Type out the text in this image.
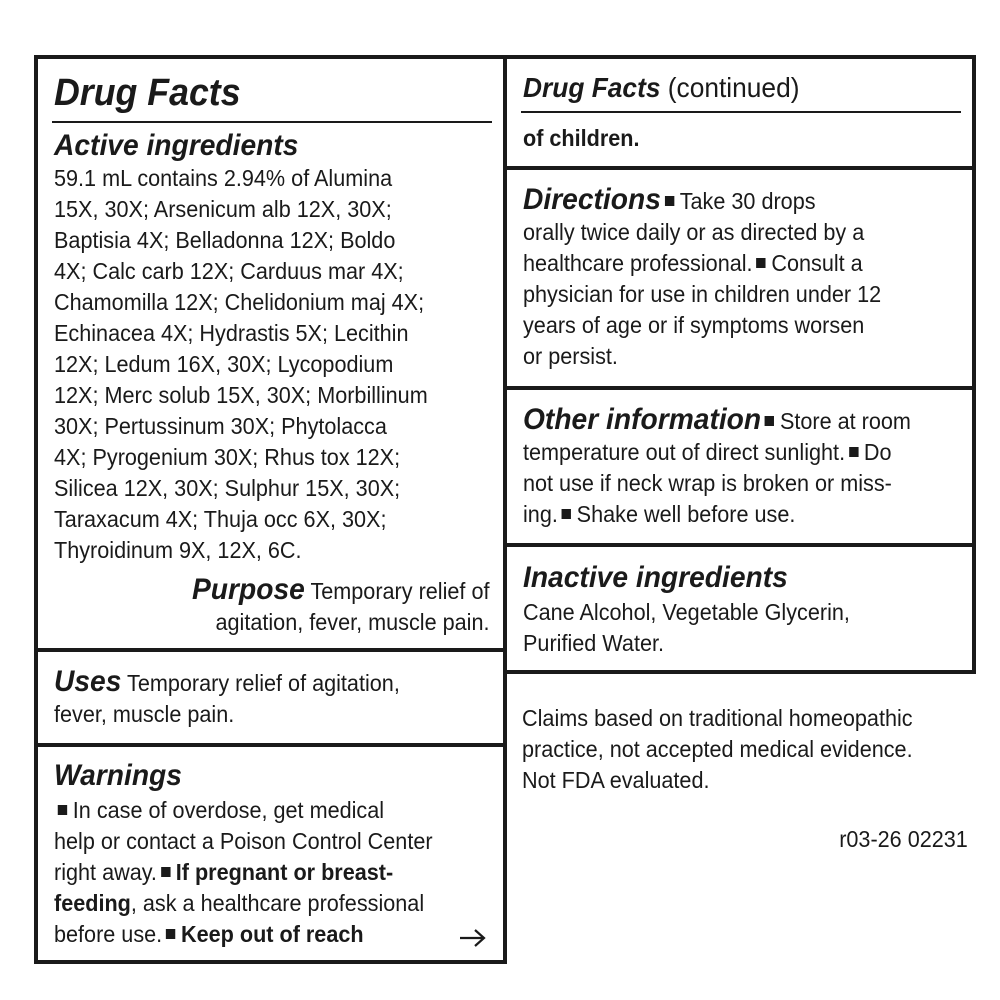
Drug Facts
Active ingredients
59.1 mL contains 2.94% of Alumina
15X, 30X; Arsenicum alb 12X, 30X;
Baptisia 4X; Belladonna 12X; Boldo
4X; Calc carb 12X; Carduus mar 4X;
Chamomilla 12X; Chelidonium maj 4X;
Echinacea 4X; Hydrastis 5X; Lecithin
12X; Ledum 16X, 30X; Lycopodium
12X; Merc solub 15X, 30X; Morbillinum
30X; Pertussinum 30X; Phytolacca
4X; Pyrogenium 30X; Rhus tox 12X;
Silicea 12X, 30X; Sulphur 15X, 30X;
Taraxacum 4X; Thuja occ 6X, 30X;
Thyroidinum 9X, 12X, 6C.
Purpose Temporary relief of
agitation, fever, muscle pain.
Uses Temporary relief of agitation,
fever, muscle pain.
Warnings
In case of overdose, get medical
help or contact a Poison Control Center
right away. If pregnant or breast-
feeding, ask a healthcare professional
before use. Keep out of reach
Drug Facts (continued)
of children.
Directions Take 30 drops
orally twice daily or as directed by a
healthcare professional. Consult a
physician for use in children under 12
years of age or if symptoms worsen
or persist.
Other information Store at room
temperature out of direct sunlight. Do
not use if neck wrap is broken or miss-
ing. Shake well before use.
Inactive ingredients
Cane Alcohol, Vegetable Glycerin,
Purified Water.
Claims based on traditional homeopathic
practice, not accepted medical evidence.
Not FDA evaluated.
r03-26 02231
